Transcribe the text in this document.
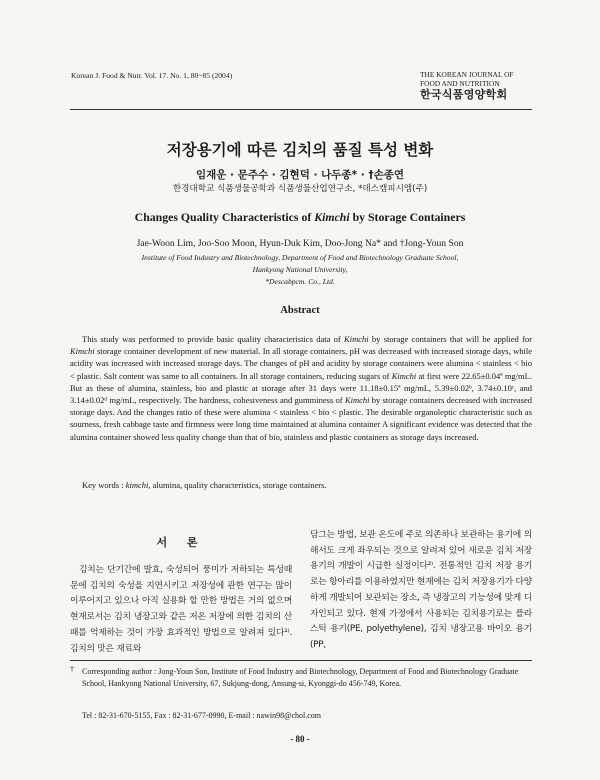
Korean J. Food & Nutr. Vol. 17. No. 1, 80~85 (2004)	THE KOREAN JOURNAL OF
FOOD AND NUTRITION
한국식품영양학회
저장용기에 따른 김치의 품질 특성 변화
임재운 · 문주수 · 김현덕 · 나두종* · †손종연
한경대학교 식품생물공학과 식품생물산업연구소, *데스캠피시엠(주)
Changes Quality Characteristics of Kimchi by Storage Containers
Jae-Woon Lim, Joo-Soo Moon, Hyun-Duk Kim, Doo-Jong Na* and †Jong-Youn Son
Institute of Food Industry and Biotechnology, Department of Food and Biotechnology Graduate School,
Hankyong National University,
*Descabpcm. Co., Ltd.
Abstract
This study was performed to provide basic quality characteristics data of Kimchi by storage containers that will be applied for Kimchi storage container development of new material. In all storage containers, pH was decreased with increased storage days, while acidity was increased with increased storage days. The changes of pH and acidity by storage containers were alumina < stainless < bio < plastic. Salt content was same to all containers. In all storage containers, reducing sugars of Kimchi at first were 22.65±0.04ª mg/mL. But as these of alumina, stainless, bio and plastic at storage after 31 days were 11.18±0.15ª mg/mL, 5.39±0.02ᵇ, 3.74±0.10ᶜ, and 3.14±0.02ᵈ mg/mL, respectively. The hardness, cohesiveness and gumminess of Kimchi by storage containers decreased with increased storage days. And the changes ratio of these were alumina < stainless < bio < plastic. The desirable organoleptic characteristic such as sourness, fresh cabbage taste and firmness were long time maintained at alumina container A significant evidence was detected that the alumina container showed less quality change than that of bio, stainless and plastic containers as storage days increased.
Key words : kimchi, alumina, quality characteristics, storage containers.
서 론
김치는 단기간에 발효, 숙성되어 풍미가 저하되는 특성때문에 김치의 숙성을 지연시키고 저장성에 관한 연구는 많이 이루어지고 있으나 아직 실용화 할 만한 방법은 거의 없으며 현재로서는 김치 냉장고와 같은 저온 저장에 의한 김치의 산패를 억제하는 것이 가장 효과적인 방법으로 알려져 있다¹⁾. 김치의 맛은 재료와
담그는 방법, 보관 온도에 주로 의존하나 보관하는 용기에 의해서도 크게 좌우되는 것으로 알려져 있어 새로운 김치 저장용기의 개발이 시급한 실정이다²⁾. 전통적인 김치 저장 용기로는 항아리를 이용하였지만 현재에는 김치 저장용기가 다양하게 개발되어 보관되는 장소, 즉 냉장고의 기능성에 맞게 디자인되고 있다. 현재 가정에서 사용되는 김치용기로는 플라스틱 용기(PE, polyethylene), 김치 냉장고용 바이오 용기(PP,
†	Corresponding author : Jong-Youn Son, Institute of Food Industry and Biotechnology, Department of Food and Biotechnology Graduate School, Hankyong National University, 67, Sukjung-dong, Ansung-si, Kyonggi-do 456-749, Korea.
Tel : 82-31-670-5155, Fax : 82-31-677-0990, E-mail : nawin98@chol.com
- 80 -
